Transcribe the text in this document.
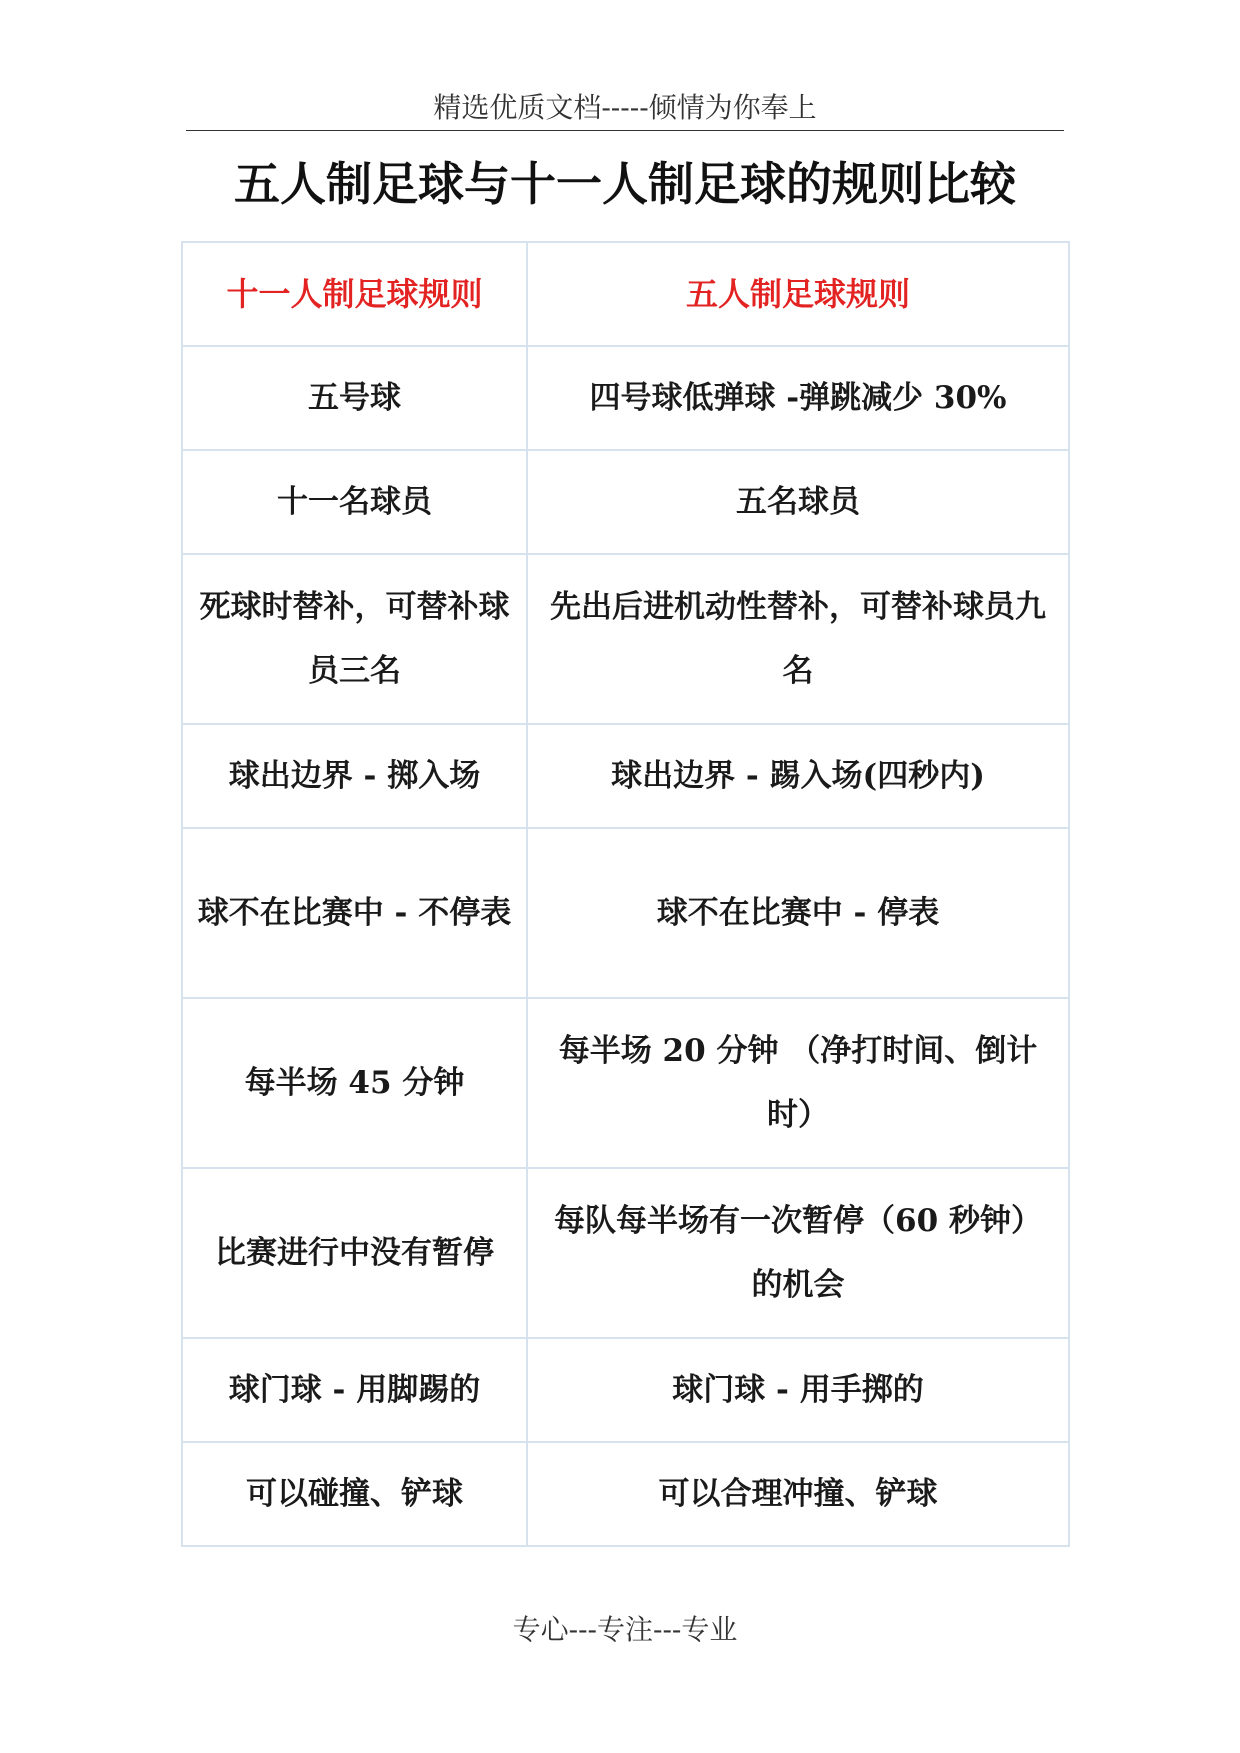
精选优质文档-----倾情为你奉上
五人制足球与十一人制足球的规则比较
十一人制足球规则	五人制足球规则
五号球	四号球低弹球 -弹跳减少 30%
十一名球员	五名球员
死球时替补，可替补球员三名	先出后进机动性替补，可替补球员九名
球出边界 - 掷入场	球出边界 - 踢入场(四秒内)
球不在比赛中 - 不停表	球不在比赛中 - 停表
每半场 45 分钟	每半场 20 分钟 （净打时间、倒计时）
比赛进行中没有暂停	每队每半场有一次暂停（60 秒钟）的机会
球门球 - 用脚踢的	球门球 - 用手掷的
可以碰撞、铲球	可以合理冲撞、铲球
专心---专注---专业
